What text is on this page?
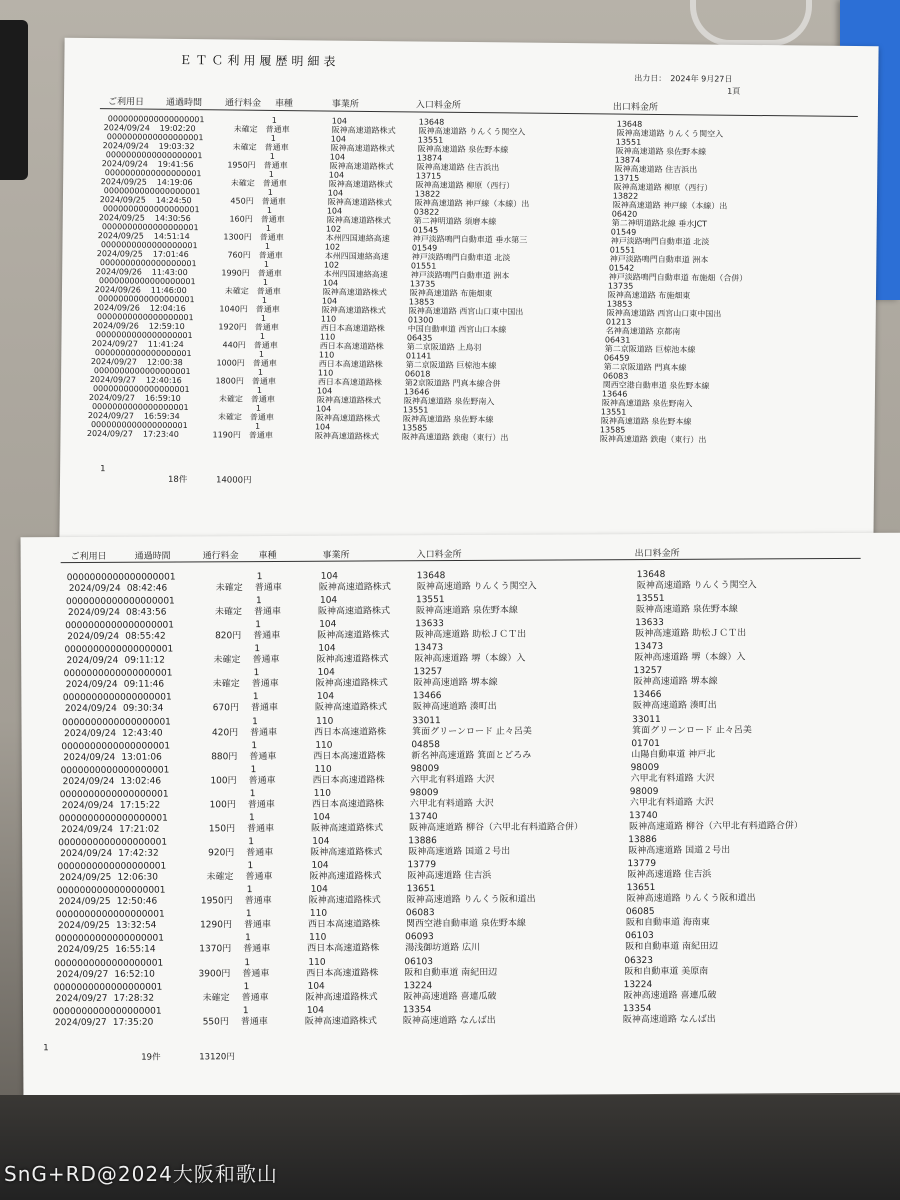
ＥＴＣ利用履歴明細表
出力日：　2024年 9月27日
1頁
ご利用日 通過時間	通行料金 車種	事業所	入口料金所	出口料金所
0000000000000000001	1	104	13648	13648
2024/09/24 19:02:20	未確定 普通車	阪神高速道路株式	阪神高速道路 りんくう関空入	阪神高速道路 りんくう関空入
0000000000000000001	1	104	13551	13551
2024/09/24 19:03:32	未確定 普通車	阪神高速道路株式	阪神高速道路 泉佐野本線	阪神高速道路 泉佐野本線
0000000000000000001	1	104	13874	13874
2024/09/24 19:41:56	1950円 普通車	阪神高速道路株式	阪神高速道路 住吉浜出	阪神高速道路 住吉浜出
0000000000000000001	1	104	13715	13715
2024/09/25 14:19:06	未確定 普通車	阪神高速道路株式	阪神高速道路 柳原（西行）	阪神高速道路 柳原（西行）
0000000000000000001	1	104	13822	13822
2024/09/25 14:24:50	450円 普通車	阪神高速道路株式	阪神高速道路 神戸線（本線）出	阪神高速道路 神戸線（本線）出
0000000000000000001	1	104	03822	06420
2024/09/25 14:30:56	160円 普通車	阪神高速道路株式	第二神明道路 須磨本線	第二神明道路北線 垂水JCT
0000000000000000001	1	102	01545	01549
2024/09/25 14:51:14	1300円 普通車	本州四国連絡高速	神戸淡路鳴門自動車道 垂水第三	神戸淡路鳴門自動車道 北淡
0000000000000000001	1	102	01549	01551
2024/09/25 17:01:46	760円 普通車	本州四国連絡高速	神戸淡路鳴門自動車道 北淡	神戸淡路鳴門自動車道 洲本
0000000000000000001	1	102	01551	01542
2024/09/26 11:43:00	1990円 普通車	本州四国連絡高速	神戸淡路鳴門自動車道 洲本	神戸淡路鳴門自動車道 布施畑（合併）
0000000000000000001	1	104	13735	13735
2024/09/26 11:46:00	未確定 普通車	阪神高速道路株式	阪神高速道路 布施畑東	阪神高速道路 布施畑東
0000000000000000001	1	104	13853	13853
2024/09/26 12:04:16	1040円 普通車	阪神高速道路株式	阪神高速道路 西宮山口東中国出	阪神高速道路 西宮山口東中国出
0000000000000000001	1	110	01300	01213
2024/09/26 12:59:10	1920円 普通車	西日本高速道路株	中国自動車道 西宮山口本線	名神高速道路 京都南
0000000000000000001	1	110	06435	06431
2024/09/27 11:41:24	440円 普通車	西日本高速道路株	第二京阪道路 上鳥羽	第二京阪道路 巨椋池本線
0000000000000000001	1	110	01141	06459
2024/09/27 12:00:38	1000円 普通車	西日本高速道路株	第二京阪道路 巨椋池本線	第二京阪道路 門真本線
0000000000000000001	1	110	06018	06083
2024/09/27 12:40:16	1800円 普通車	西日本高速道路株	第2京阪道路 門真本線合併	関西空港自動車道 泉佐野本線
0000000000000000001	1	104	13646	13646
2024/09/27 16:59:10	未確定 普通車	阪神高速道路株式	阪神高速道路 泉佐野南入	阪神高速道路 泉佐野南入
0000000000000000001	1	104	13551	13551
2024/09/27 16:59:34	未確定 普通車	阪神高速道路株式	阪神高速道路 泉佐野本線	阪神高速道路 泉佐野本線
0000000000000000001	1	104	13585	13585
2024/09/27 17:23:40	1190円 普通車	阪神高速道路株式	阪神高速道路 鉄砲（東行）出	阪神高速道路 鉄砲（東行）出
1
18件	14000円
ご利用日	通過時間	通行料金 車種	事業所	入口料金所	出口料金所
0000000000000000001	1	104	13648	13648
2024/09/24 08:42:46	未確定 普通車	阪神高速道路株式	阪神高速道路 りんくう関空入	阪神高速道路 りんくう関空入
0000000000000000001	1	104	13551	13551
2024/09/24 08:43:56	未確定 普通車	阪神高速道路株式	阪神高速道路 泉佐野本線	阪神高速道路 泉佐野本線
0000000000000000001	1	104	13633	13633
2024/09/24 08:55:42	820円 普通車	阪神高速道路株式	阪神高速道路 助松ＪＣＴ出	阪神高速道路 助松ＪＣＴ出
0000000000000000001	1	104	13473	13473
2024/09/24 09:11:12	未確定 普通車	阪神高速道路株式	阪神高速道路 堺（本線）入	阪神高速道路 堺（本線）入
0000000000000000001	1	104	13257	13257
2024/09/24 09:11:46	未確定 普通車	阪神高速道路株式	阪神高速道路 堺本線	阪神高速道路 堺本線
0000000000000000001	1	104	13466	13466
2024/09/24 09:30:34	670円 普通車	阪神高速道路株式	阪神高速道路 湊町出	阪神高速道路 湊町出
0000000000000000001	1	110	33011	33011
2024/09/24 12:43:40	420円 普通車	西日本高速道路株	箕面グリーンロード 止々呂美	箕面グリーンロード 止々呂美
0000000000000000001	1	110	04858	01701
2024/09/24 13:01:06	880円 普通車	西日本高速道路株	新名神高速道路 箕面とどろみ	山陽自動車道 神戸北
0000000000000000001	1	110	98009	98009
2024/09/24 13:02:46	100円 普通車	西日本高速道路株	六甲北有料道路 大沢	六甲北有料道路 大沢
0000000000000000001	1	110	98009	98009
2024/09/24 17:15:22	100円 普通車	西日本高速道路株	六甲北有料道路 大沢	六甲北有料道路 大沢
0000000000000000001	1	104	13740	13740
2024/09/24 17:21:02	150円 普通車	阪神高速道路株式	阪神高速道路 柳谷（六甲北有料道路合併）	阪神高速道路 柳谷（六甲北有料道路合併）
0000000000000000001	1	104	13886	13886
2024/09/24 17:42:32	920円 普通車	阪神高速道路株式	阪神高速道路 国道２号出	阪神高速道路 国道２号出
0000000000000000001	1	104	13779	13779
2024/09/25 12:06:30	未確定 普通車	阪神高速道路株式	阪神高速道路 住吉浜	阪神高速道路 住吉浜
0000000000000000001	1	104	13651	13651
2024/09/25 12:50:46	1950円 普通車	阪神高速道路株式	阪神高速道路 りんくう阪和道出	阪神高速道路 りんくう阪和道出
0000000000000000001	1	110	06083	06085
2024/09/25 13:32:54	1290円 普通車	西日本高速道路株	関西空港自動車道 泉佐野本線	阪和自動車道 海南東
0000000000000000001	1	110	06093	06103
2024/09/25 16:55:14	1370円 普通車	西日本高速道路株	湯浅御坊道路 広川	阪和自動車道 南紀田辺
0000000000000000001	1	110	06103	06323
2024/09/27 16:52:10	3900円 普通車	西日本高速道路株	阪和自動車道 南紀田辺	阪和自動車道 美原南
0000000000000000001	1	104	13224	13224
2024/09/27 17:28:32	未確定 普通車	阪神高速道路株式	阪神高速道路 喜連瓜破	阪神高速道路 喜連瓜破
0000000000000000001	1	104	13354	13354
2024/09/27 17:35:20	550円 普通車	阪神高速道路株式	阪神高速道路 なんば出	阪神高速道路 なんば出
1
19件	13120円
SnG+RD@2024大阪和歌山
